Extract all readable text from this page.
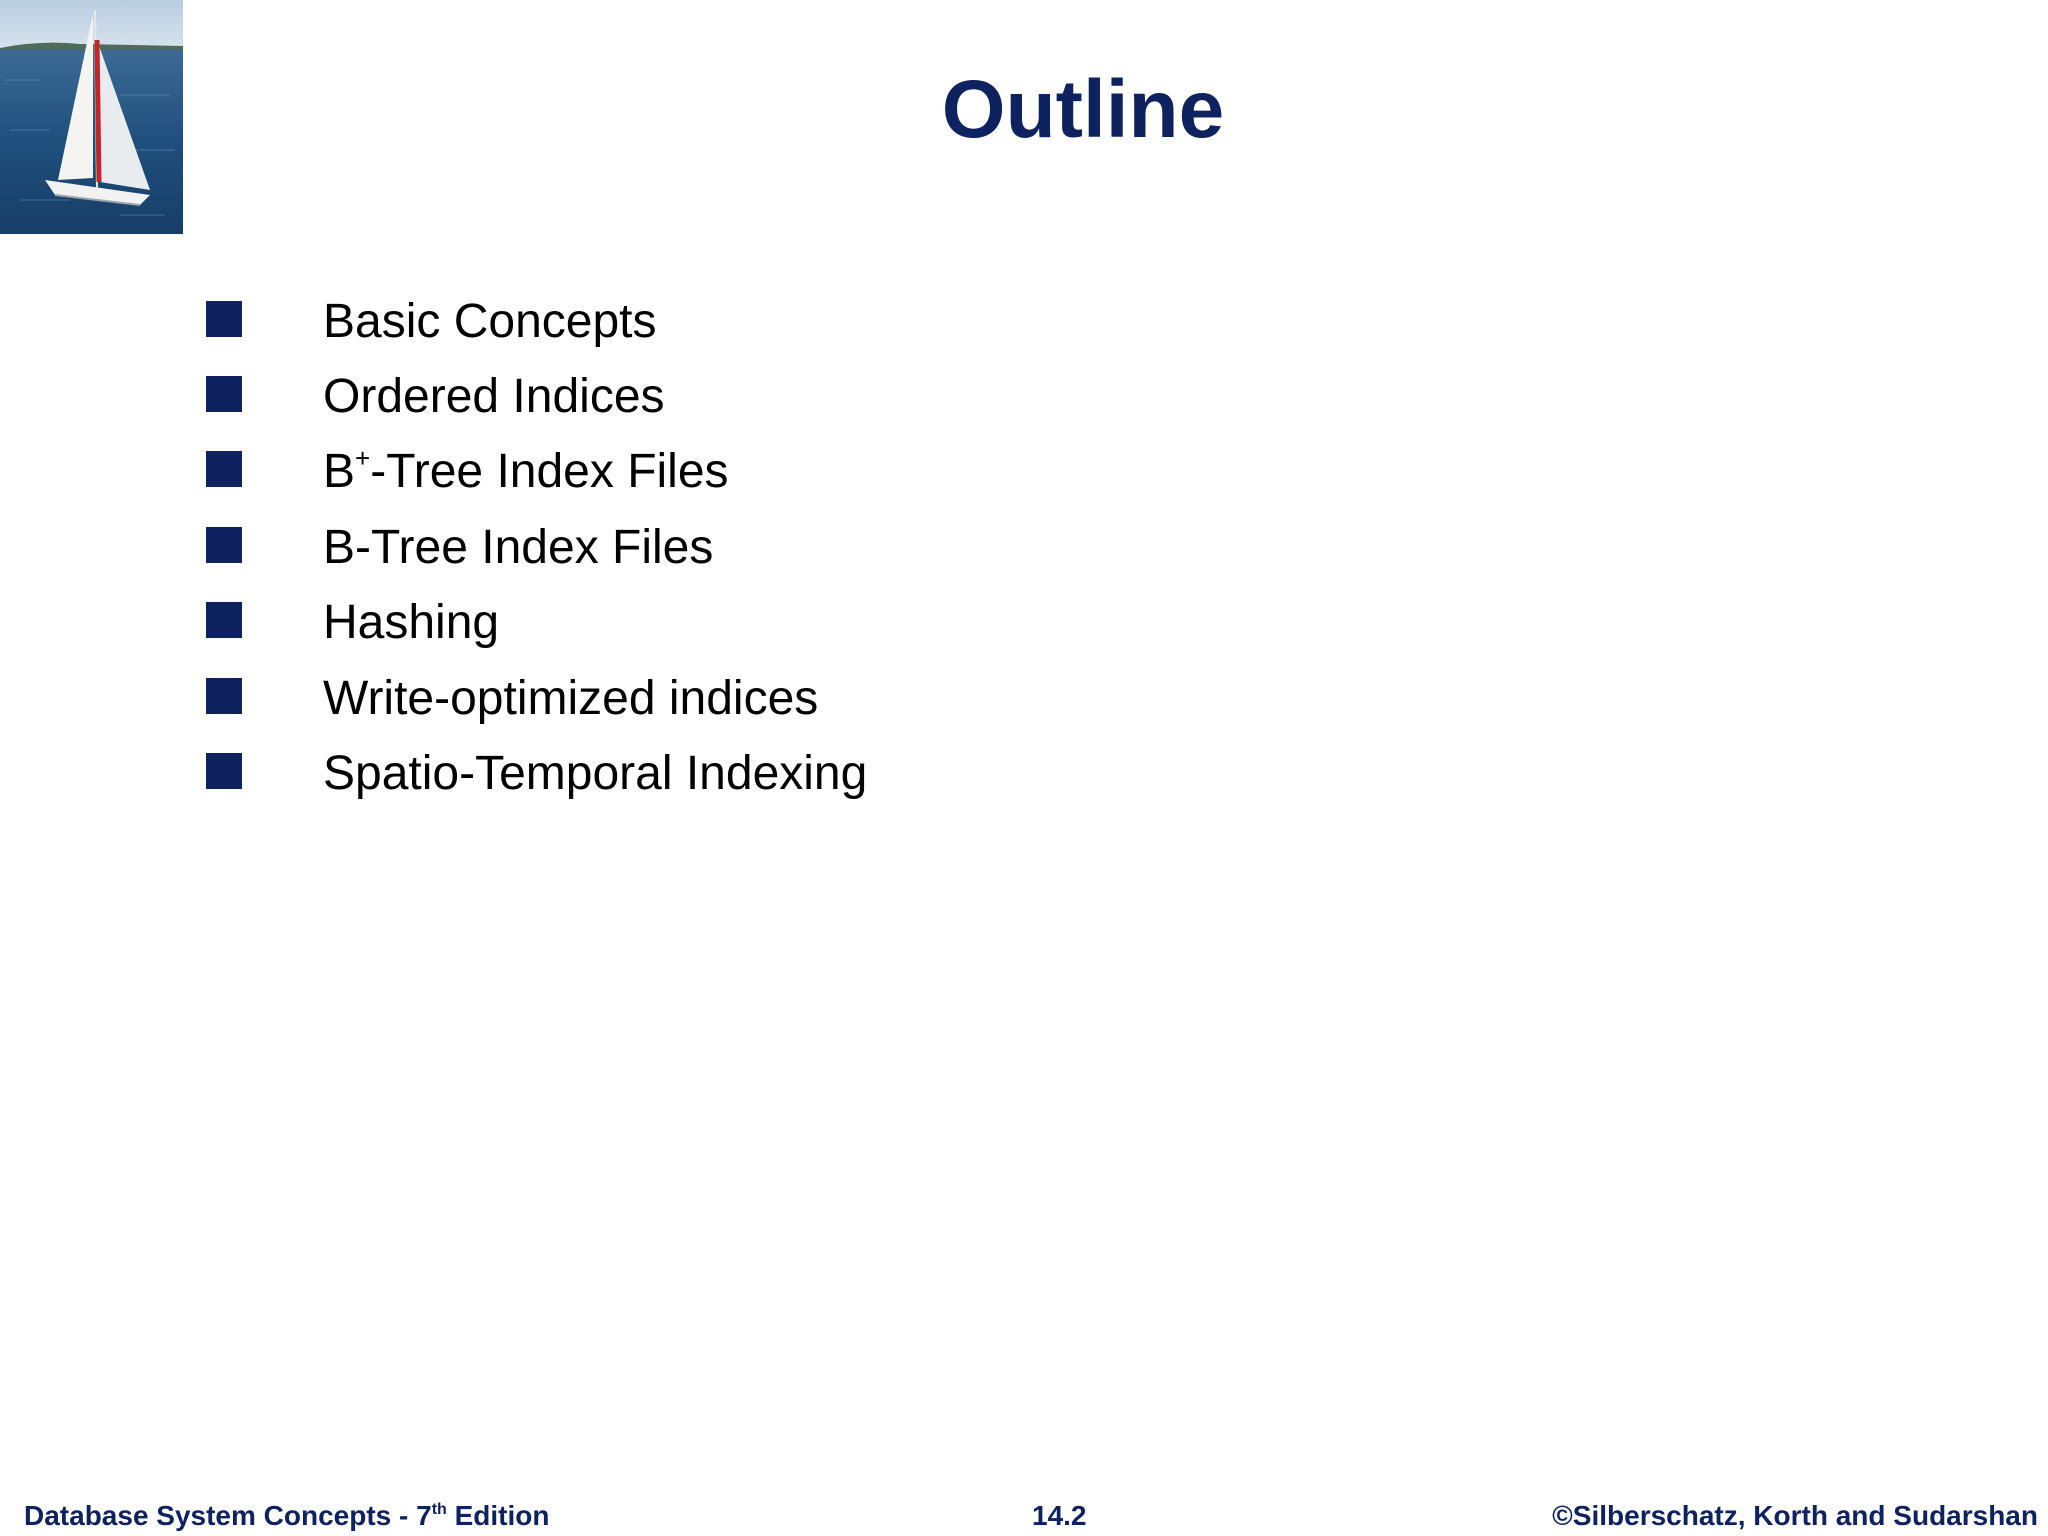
Outline
Basic Concepts
Ordered Indices
B+-Tree Index Files
B-Tree Index Files
Hashing
Write-optimized indices
Spatio-Temporal Indexing
Database System Concepts - 7th Edition	14.2	©Silberschatz, Korth and Sudarshan
